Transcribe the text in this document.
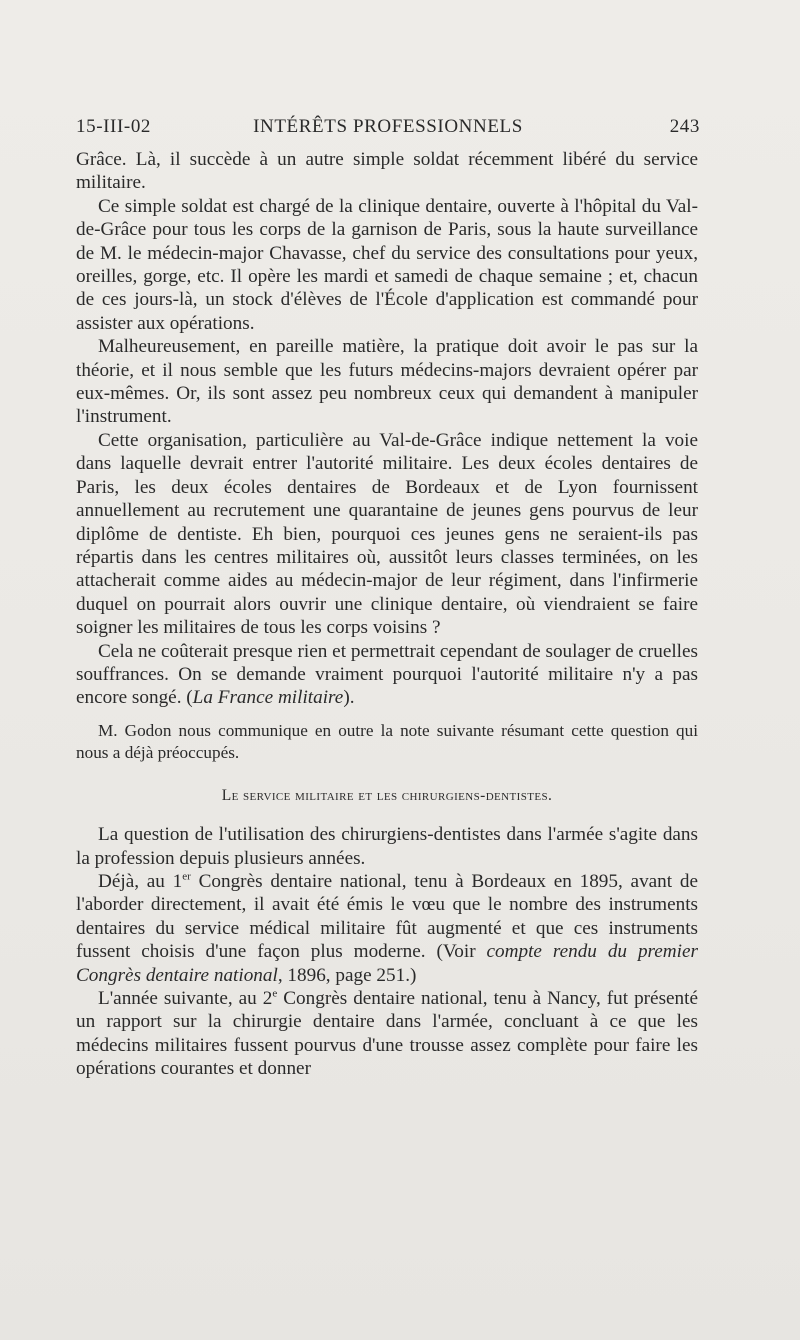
15-III-02	INTÉRÊTS PROFESSIONNELS	243

Grâce. Là, il succède à un autre simple soldat récemment libéré du service militaire.

Ce simple soldat est chargé de la clinique dentaire, ouverte à l'hôpital du Val-de-Grâce pour tous les corps de la garnison de Paris, sous la haute surveillance de M. le médecin-major Chavasse, chef du service des consultations pour yeux, oreilles, gorge, etc. Il opère les mardi et samedi de chaque semaine ; et, chacun de ces jours-là, un stock d'élèves de l'École d'application est commandé pour assister aux opérations.

Malheureusement, en pareille matière, la pratique doit avoir le pas sur la théorie, et il nous semble que les futurs médecins-majors devraient opérer par eux-mêmes. Or, ils sont assez peu nombreux ceux qui demandent à manipuler l'instrument.

Cette organisation, particulière au Val-de-Grâce indique nettement la voie dans laquelle devrait entrer l'autorité militaire. Les deux écoles dentaires de Paris, les deux écoles dentaires de Bordeaux et de Lyon fournissent annuellement au recrutement une quarantaine de jeunes gens pourvus de leur diplôme de dentiste. Eh bien, pourquoi ces jeunes gens ne seraient-ils pas répartis dans les centres militaires où, aussitôt leurs classes terminées, on les attacherait comme aides au médecin-major de leur régiment, dans l'infirmerie duquel on pourrait alors ouvrir une clinique dentaire, où viendraient se faire soigner les militaires de tous les corps voisins ?

Cela ne coûterait presque rien et permettrait cependant de soulager de cruelles souffrances. On se demande vraiment pourquoi l'autorité militaire n'y a pas encore songé. (La France militaire).

M. Godon nous communique en outre la note suivante résumant cette question qui nous a déjà préoccupés.

Le service militaire et les chirurgiens-dentistes.

La question de l'utilisation des chirurgiens-dentistes dans l'armée s'agite dans la profession depuis plusieurs années.

Déjà, au 1er Congrès dentaire national, tenu à Bordeaux en 1895, avant de l'aborder directement, il avait été émis le vœu que le nombre des instruments dentaires du service médical militaire fût augmenté et que ces instruments fussent choisis d'une façon plus moderne. (Voir compte rendu du premier Congrès dentaire national, 1896, page 251.)

L'année suivante, au 2e Congrès dentaire national, tenu à Nancy, fut présenté un rapport sur la chirurgie dentaire dans l'armée, concluant à ce que les médecins militaires fussent pourvus d'une trousse assez complète pour faire les opérations courantes et donner
